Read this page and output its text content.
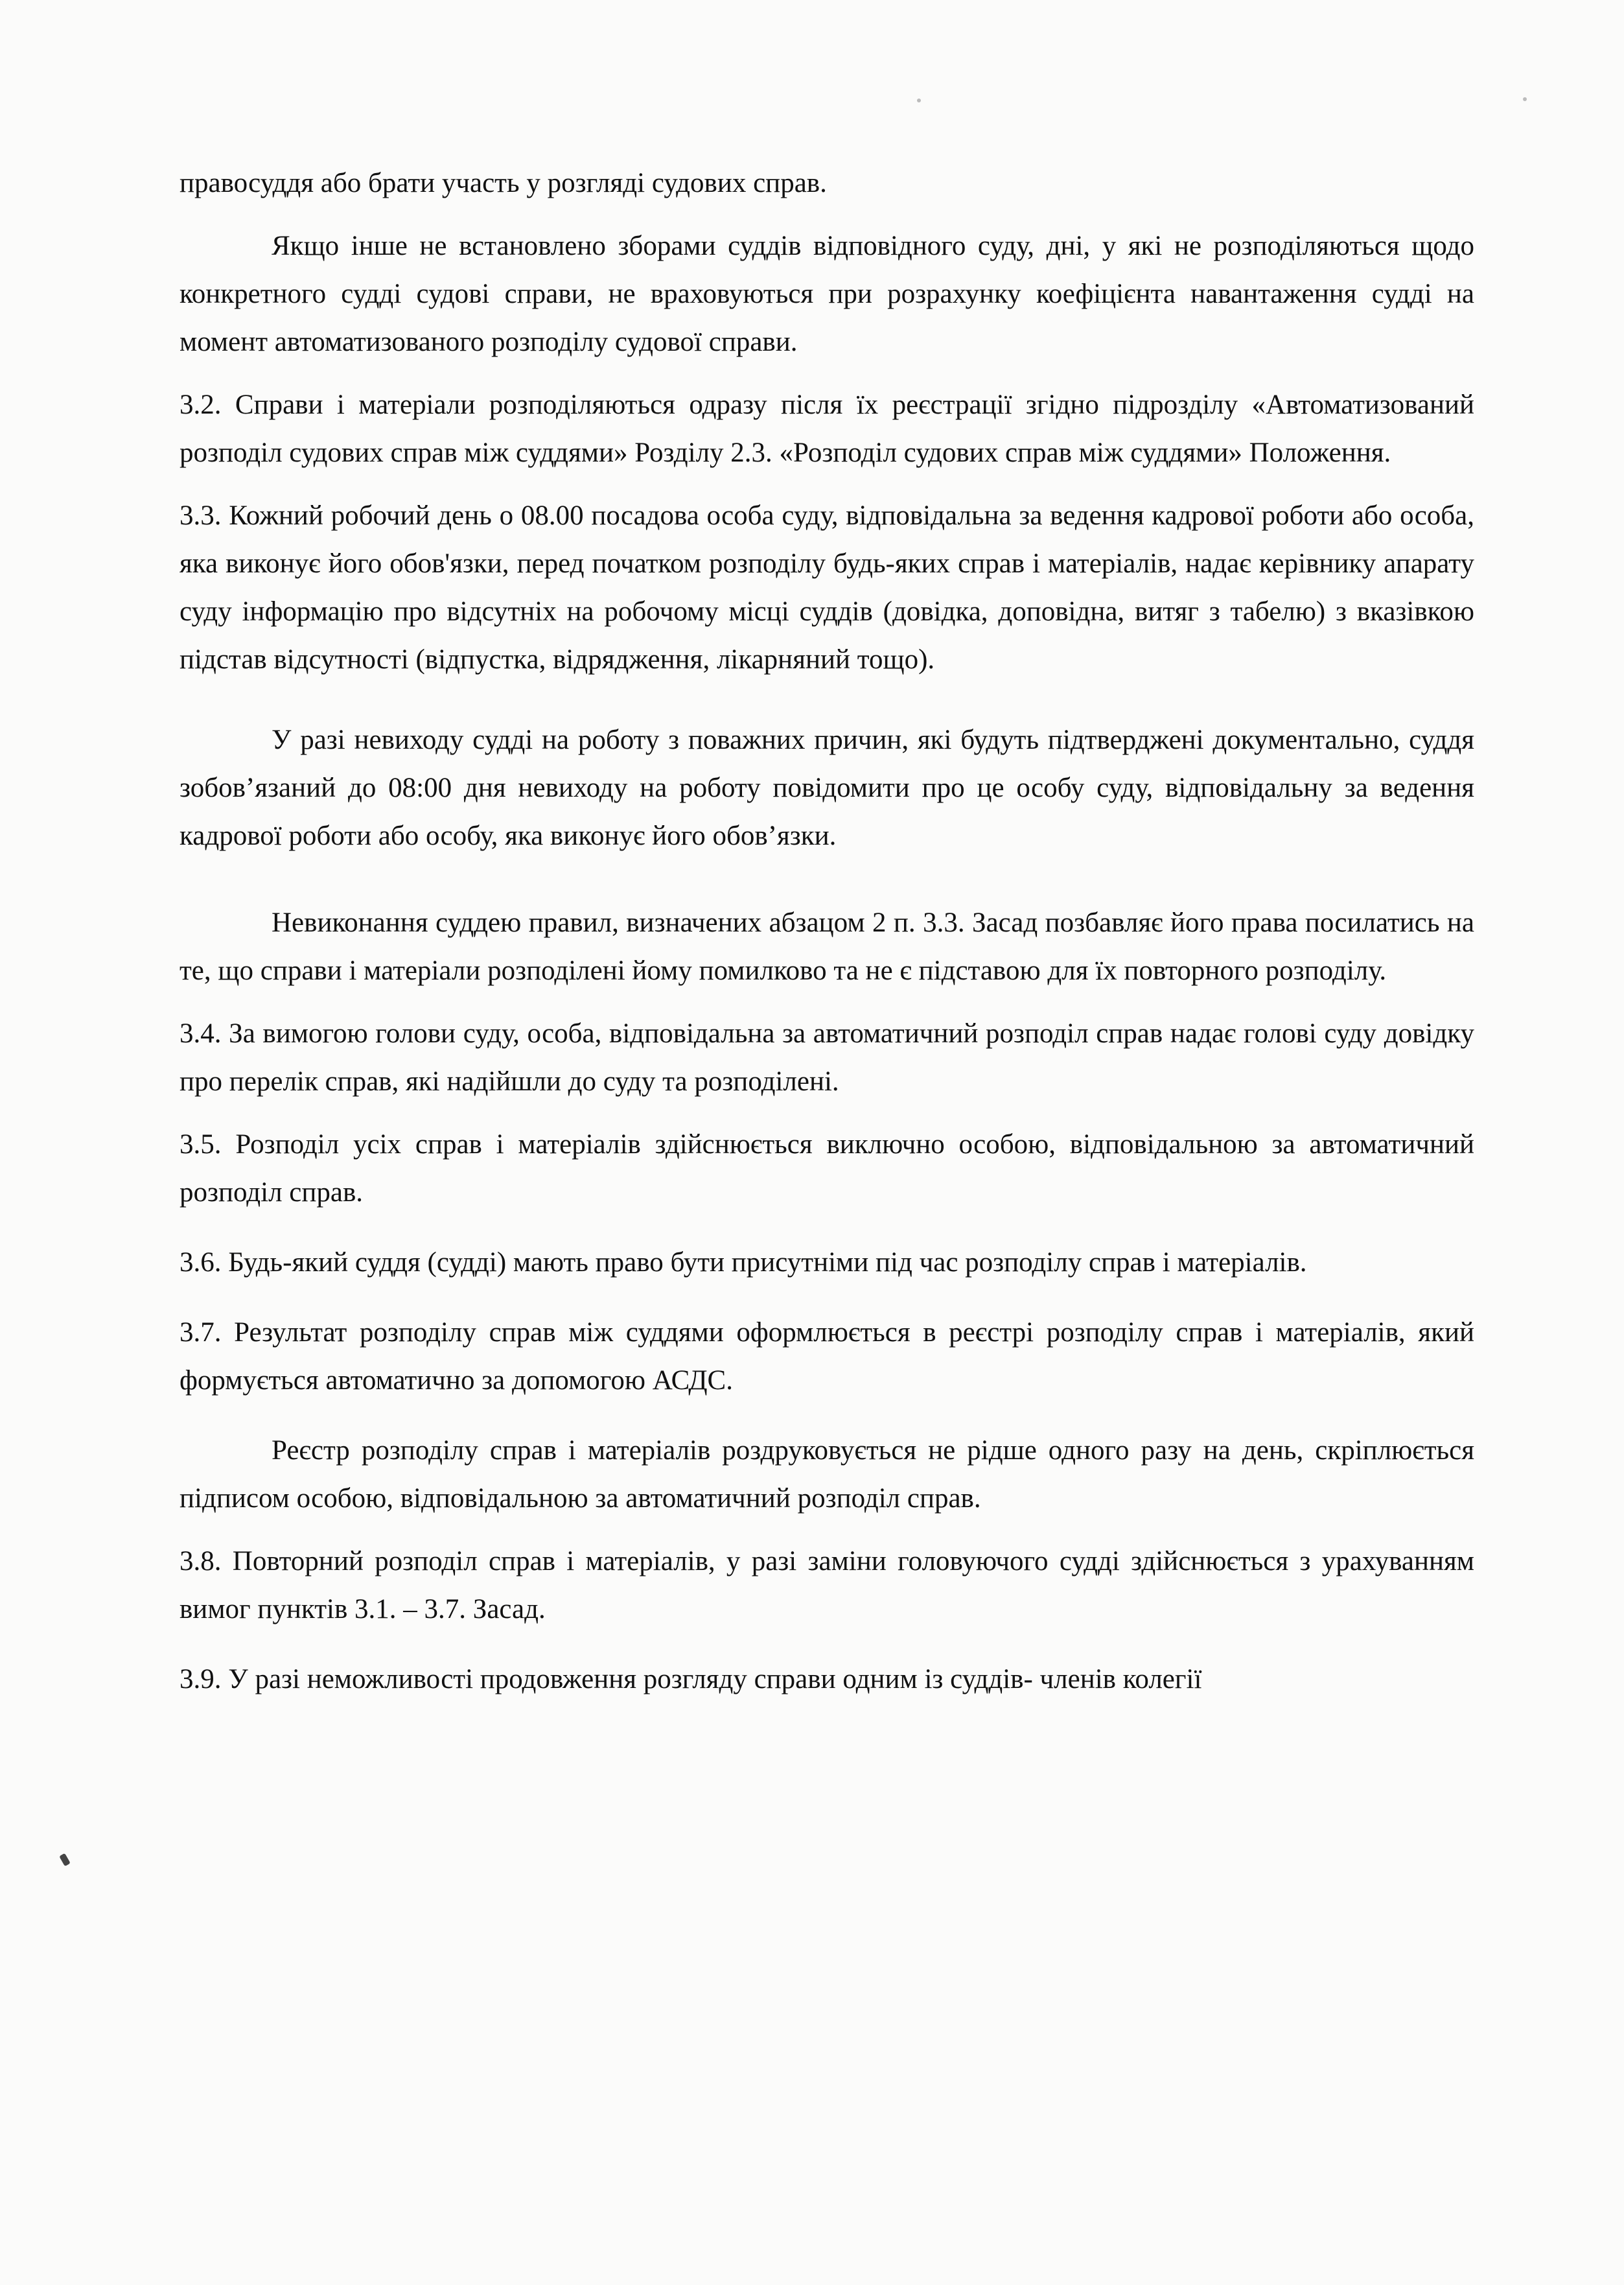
правосуддя або брати участь у розгляді судових справ.

Якщо інше не встановлено зборами суддів відповідного суду, дні, у які не розподіляються щодо конкретного судді судові справи, не враховуються при розрахунку коефіцієнта навантаження судді на момент автоматизованого розподілу судової справи.

3.2. Справи і матеріали розподіляються одразу після їх реєстрації згідно підрозділу «Автоматизований розподіл судових справ між суддями» Розділу 2.3. «Розподіл судових справ між суддями» Положення.

3.3. Кожний робочий день о 08.00 посадова особа суду, відповідальна за ведення кадрової роботи або особа, яка виконує його обов'язки, перед початком розподілу будь-яких справ і матеріалів, надає керівнику апарату суду інформацію про відсутніх на робочому місці суддів (довідка, доповідна, витяг з табелю) з вказівкою підстав відсутності (відпустка, відрядження, лікарняний тощо).

У разі невиходу судді на роботу з поважних причин, які будуть підтверджені документально, суддя зобов’язаний до 08:00 дня невиходу на роботу повідомити про це особу суду, відповідальну за ведення кадрової роботи або особу, яка виконує його обов’язки.

Невиконання суддею правил, визначених абзацом 2 п. 3.3. Засад позбавляє його права посилатись на те, що справи і матеріали розподілені йому помилково та не є підставою для їх повторного розподілу.

3.4. За вимогою голови суду, особа, відповідальна за автоматичний розподіл справ надає голові суду довідку про перелік справ, які надійшли до суду та розподілені.

3.5. Розподіл усіх справ і матеріалів здійснюється виключно особою, відповідальною за автоматичний розподіл справ.

3.6. Будь-який суддя (судді) мають право бути присутніми під час розподілу справ і матеріалів.

3.7. Результат розподілу справ між суддями оформлюється в реєстрі розподілу справ і матеріалів, який формується автоматично за допомогою АСДС.

Реєстр розподілу справ і матеріалів роздруковується не рідше одного разу на день, скріплюється підписом особою, відповідальною за автоматичний розподіл справ.

3.8. Повторний розподіл справ і матеріалів, у разі заміни головуючого судді здійснюється з урахуванням вимог пунктів 3.1. – 3.7. Засад.

3.9. У разі неможливості продовження розгляду справи одним із суддів- членів колегії
